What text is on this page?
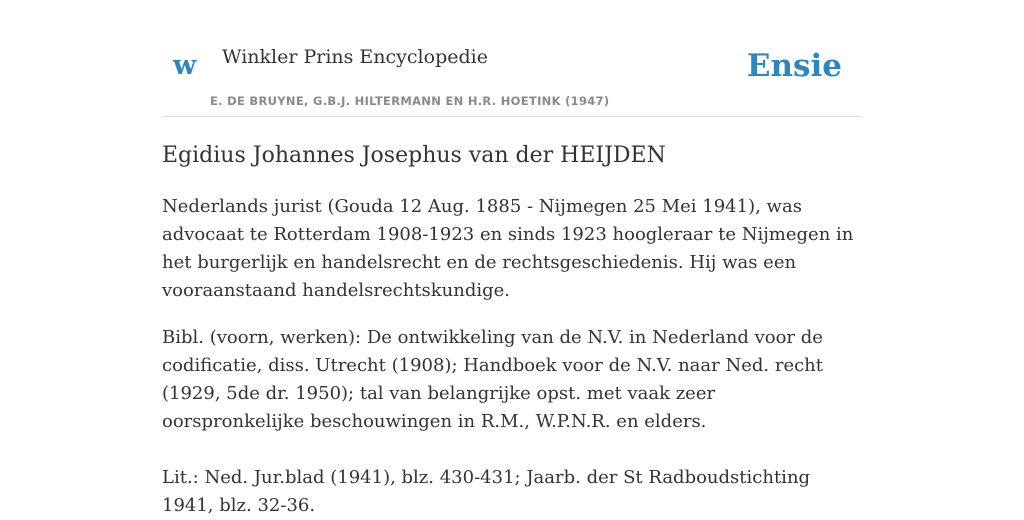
w Winkler Prins Encyclopedie
E. DE BRUYNE, G.B.J. HILTERMANN EN H.R. HOETINK (1947)
Ensie
Egidius Johannes Josephus van der HEIJDEN

Nederlands jurist (Gouda 12 Aug. 1885 - Nijmegen 25 Mei 1941), was advocaat te Rotterdam 1908-1923 en sinds 1923 hoogleraar te Nijmegen in het burgerlijk en handelsrecht en de rechtsgeschiedenis. Hij was een vooraanstaand handelsrechtskundige.

Bibl. (voorn, werken): De ontwikkeling van de N.V. in Nederland voor de codificatie, diss. Utrecht (1908); Handboek voor de N.V. naar Ned. recht (1929, 5de dr. 1950); tal van belangrijke opst. met vaak zeer oorspronkelijke beschouwingen in R.M., W.P.N.R. en elders.

Lit.: Ned. Jur.blad (1941), blz. 430-431; Jaarb. der St Radboudstichting 1941, blz. 32-36.
